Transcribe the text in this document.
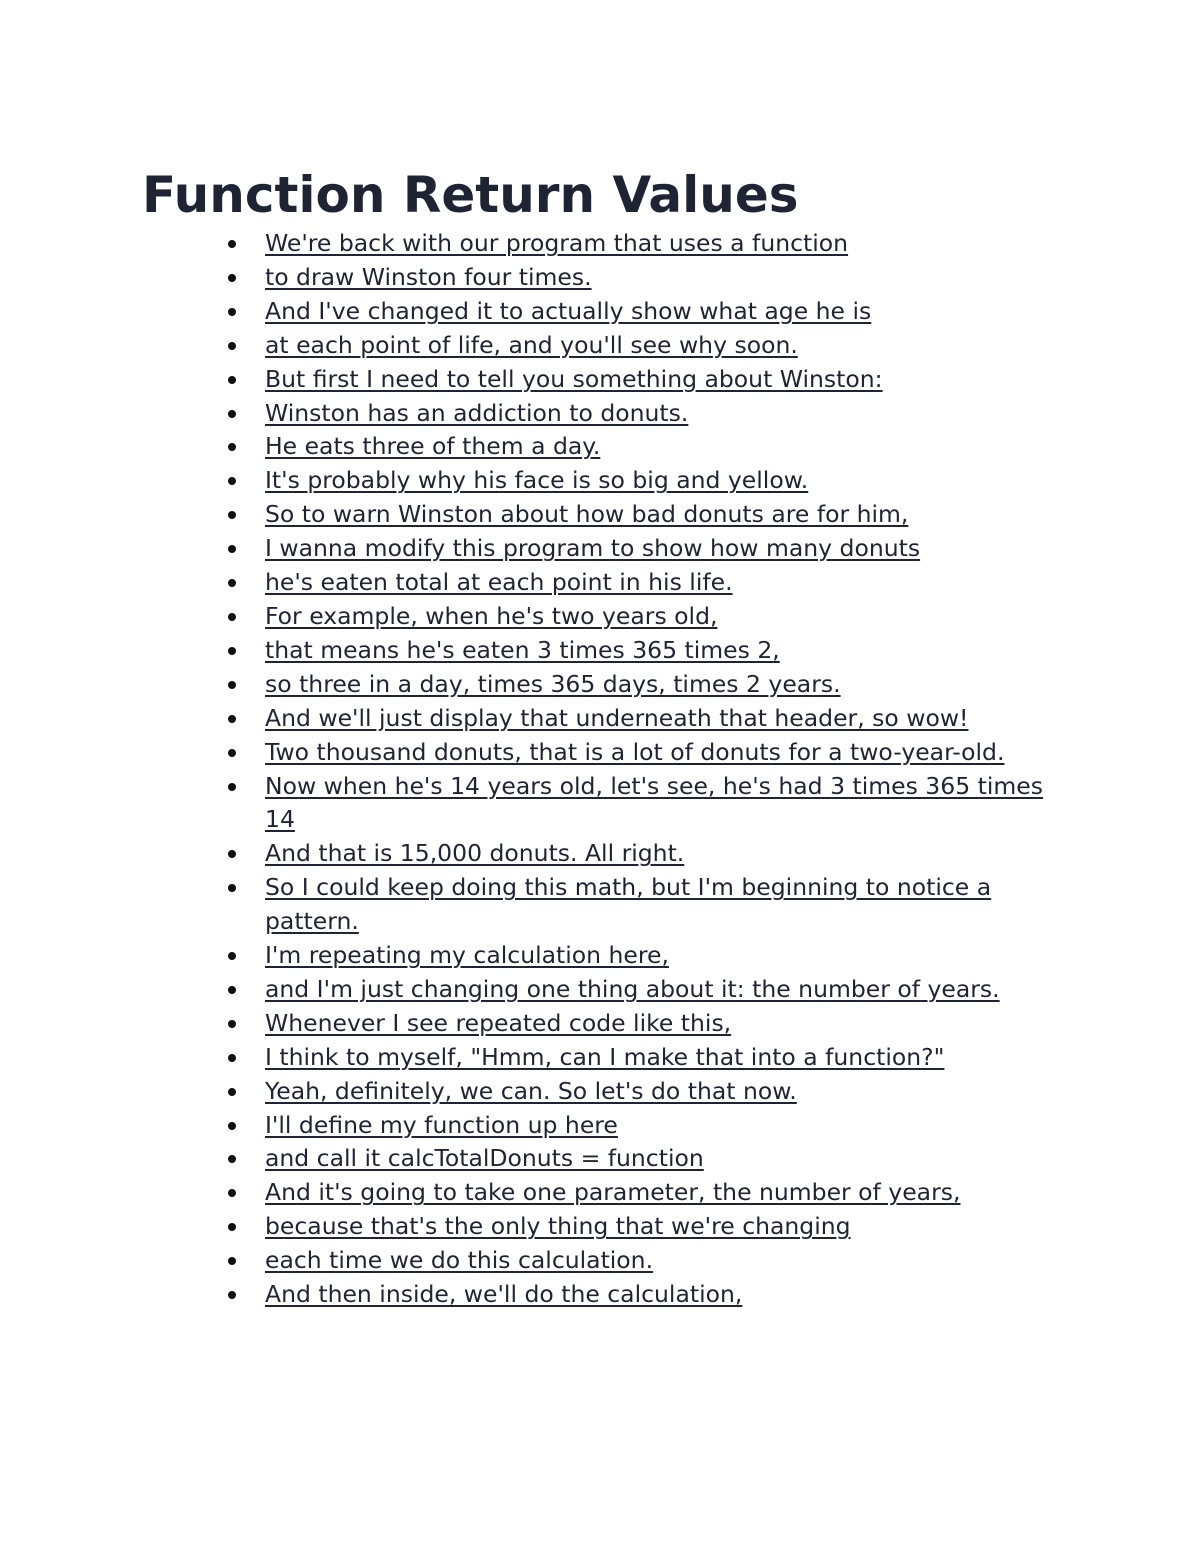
Function Return Values
We're back with our program that uses a function
to draw Winston four times.
And I've changed it to actually show what age he is
at each point of life, and you'll see why soon.
But first I need to tell you something about Winston:
Winston has an addiction to donuts.
He eats three of them a day.
It's probably why his face is so big and yellow.
So to warn Winston about how bad donuts are for him,
I wanna modify this program to show how many donuts
he's eaten total at each point in his life.
For example, when he's two years old,
that means he's eaten 3 times 365 times 2,
so three in a day, times 365 days, times 2 years.
And we'll just display that underneath that header, so wow!
Two thousand donuts, that is a lot of donuts for a two-year-old.
Now when he's 14 years old, let's see, he's had 3 times 365 times 14
And that is 15,000 donuts. All right.
So I could keep doing this math, but I'm beginning to notice a pattern.
I'm repeating my calculation here,
and I'm just changing one thing about it: the number of years.
Whenever I see repeated code like this,
I think to myself, "Hmm, can I make that into a function?"
Yeah, definitely, we can. So let's do that now.
I'll define my function up here
and call it calcTotalDonuts = function
And it's going to take one parameter, the number of years,
because that's the only thing that we're changing
each time we do this calculation.
And then inside, we'll do the calculation,
